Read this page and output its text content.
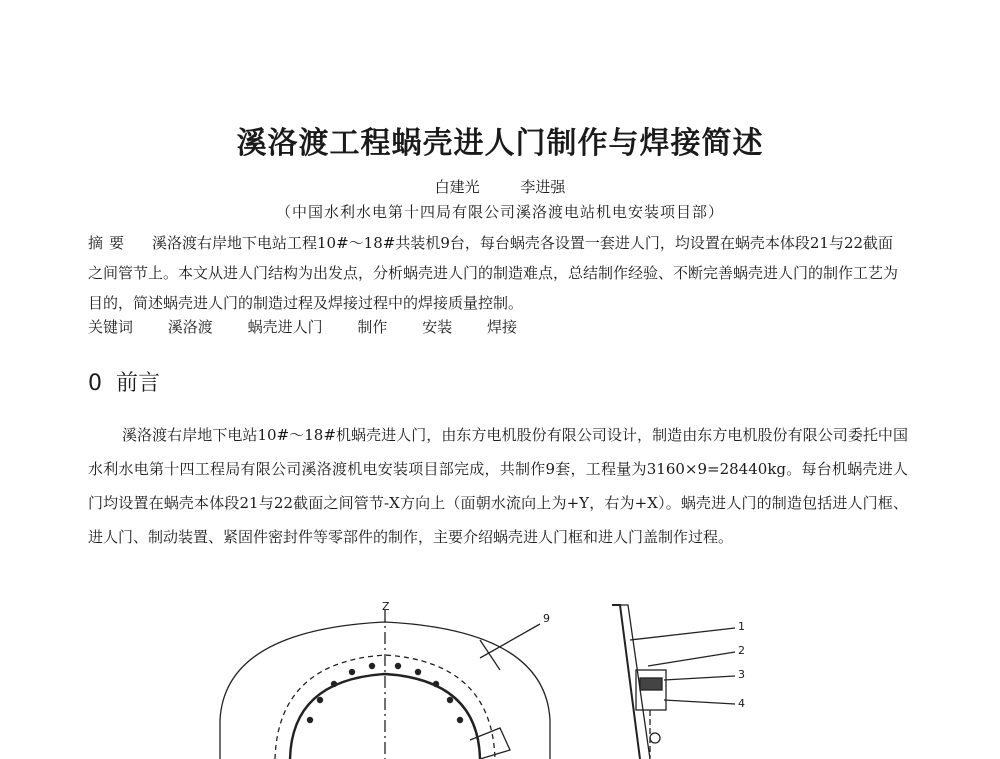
溪洛渡工程蜗壳进人门制作与焊接简述
白建光	李进强
（中国水利水电第十四局有限公司溪洛渡电站机电安装项目部）
摘要 溪洛渡右岸地下电站工程10#～18#共装机9台，每台蜗壳各设置一套进人门，均设置在蜗壳本体段21与22截面之间管节上。本文从进人门结构为出发点，分析蜗壳进人门的制造难点，总结制作经验、不断完善蜗壳进人门的制作工艺为目的，简述蜗壳进人门的制造过程及焊接过程中的焊接质量控制。
关键词 溪洛渡 蜗壳进人门 制作 安装 焊接
0 前言
溪洛渡右岸地下电站10#～18#机蜗壳进人门，由东方电机股份有限公司设计，制造由东方电机股份有限公司委托中国水利水电第十四工程局有限公司溪洛渡机电安装项目部完成，共制作9套，工程量为3160×9=28440kg。每台机蜗壳进人门均设置在蜗壳本体段21与22截面之间管节-X方向上（面朝水流向上为+Y，右为+X）。蜗壳进人门的制造包括进人门框、进人门、制动装置、紧固件密封件等零部件的制作，主要介绍蜗壳进人门框和进人门盖制作过程。
Z
9
1
2
3
4
